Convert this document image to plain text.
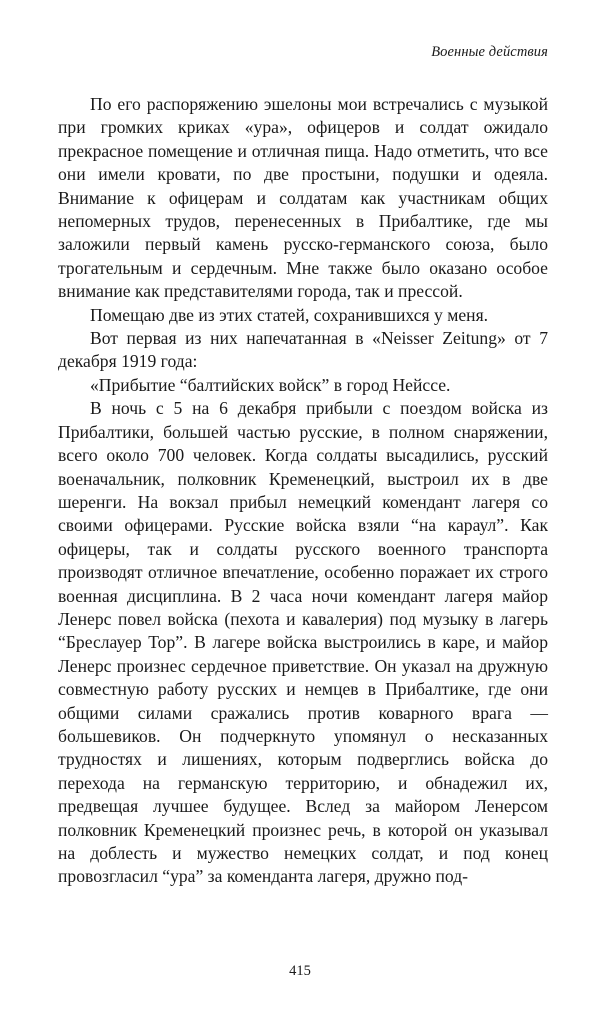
Военные действия

По его распоряжению эшелоны мои встречались с музыкой при громких криках «ура», офицеров и солдат ожидало прекрасное помещение и отличная пища. Надо отметить, что все они имели кровати, по две простыни, подушки и одеяла. Внимание к офицерам и солдатам как участникам общих непомерных трудов, перенесенных в Прибалтике, где мы заложили первый камень русско-германского союза, было трогательным и сердечным. Мне также было оказано особое внимание как представителями города, так и прессой.

Помещаю две из этих статей, сохранившихся у меня.

Вот первая из них напечатанная в «Neisser Zeitung» от 7 декабря 1919 года:

«Прибытие “балтийских войск” в город Нейссе.

В ночь с 5 на 6 декабря прибыли с поездом войска из Прибалтики, большей частью русские, в полном снаряжении, всего около 700 человек. Когда солдаты высадились, русский военачальник, полковник Кременецкий, выстроил их в две шеренги. На вокзал прибыл немецкий комендант лагеря со своими офицерами. Русские войска взяли “на караул”. Как офицеры, так и солдаты русского военного транспорта производят отличное впечатление, особенно поражает их строго военная дисциплина. В 2 часа ночи комендант лагеря майор Ленерс повел войска (пехота и кавалерия) под музыку в лагерь “Бреслауер Тор”. В лагере войска выстроились в каре, и майор Ленерс произнес сердечное приветствие. Он указал на дружную совместную работу русских и немцев в Прибалтике, где они общими силами сражались против коварного врага — большевиков. Он подчеркнуто упомянул о несказанных трудностях и лишениях, которым подверглись войска до перехода на германскую территорию, и обнадежил их, предвещая лучшее будущее. Вслед за майором Ленерсом полковник Кременецкий произнес речь, в которой он указывал на доблесть и мужество немецких солдат, и под конец провозгласил “ура” за коменданта лагеря, дружно под-

415
